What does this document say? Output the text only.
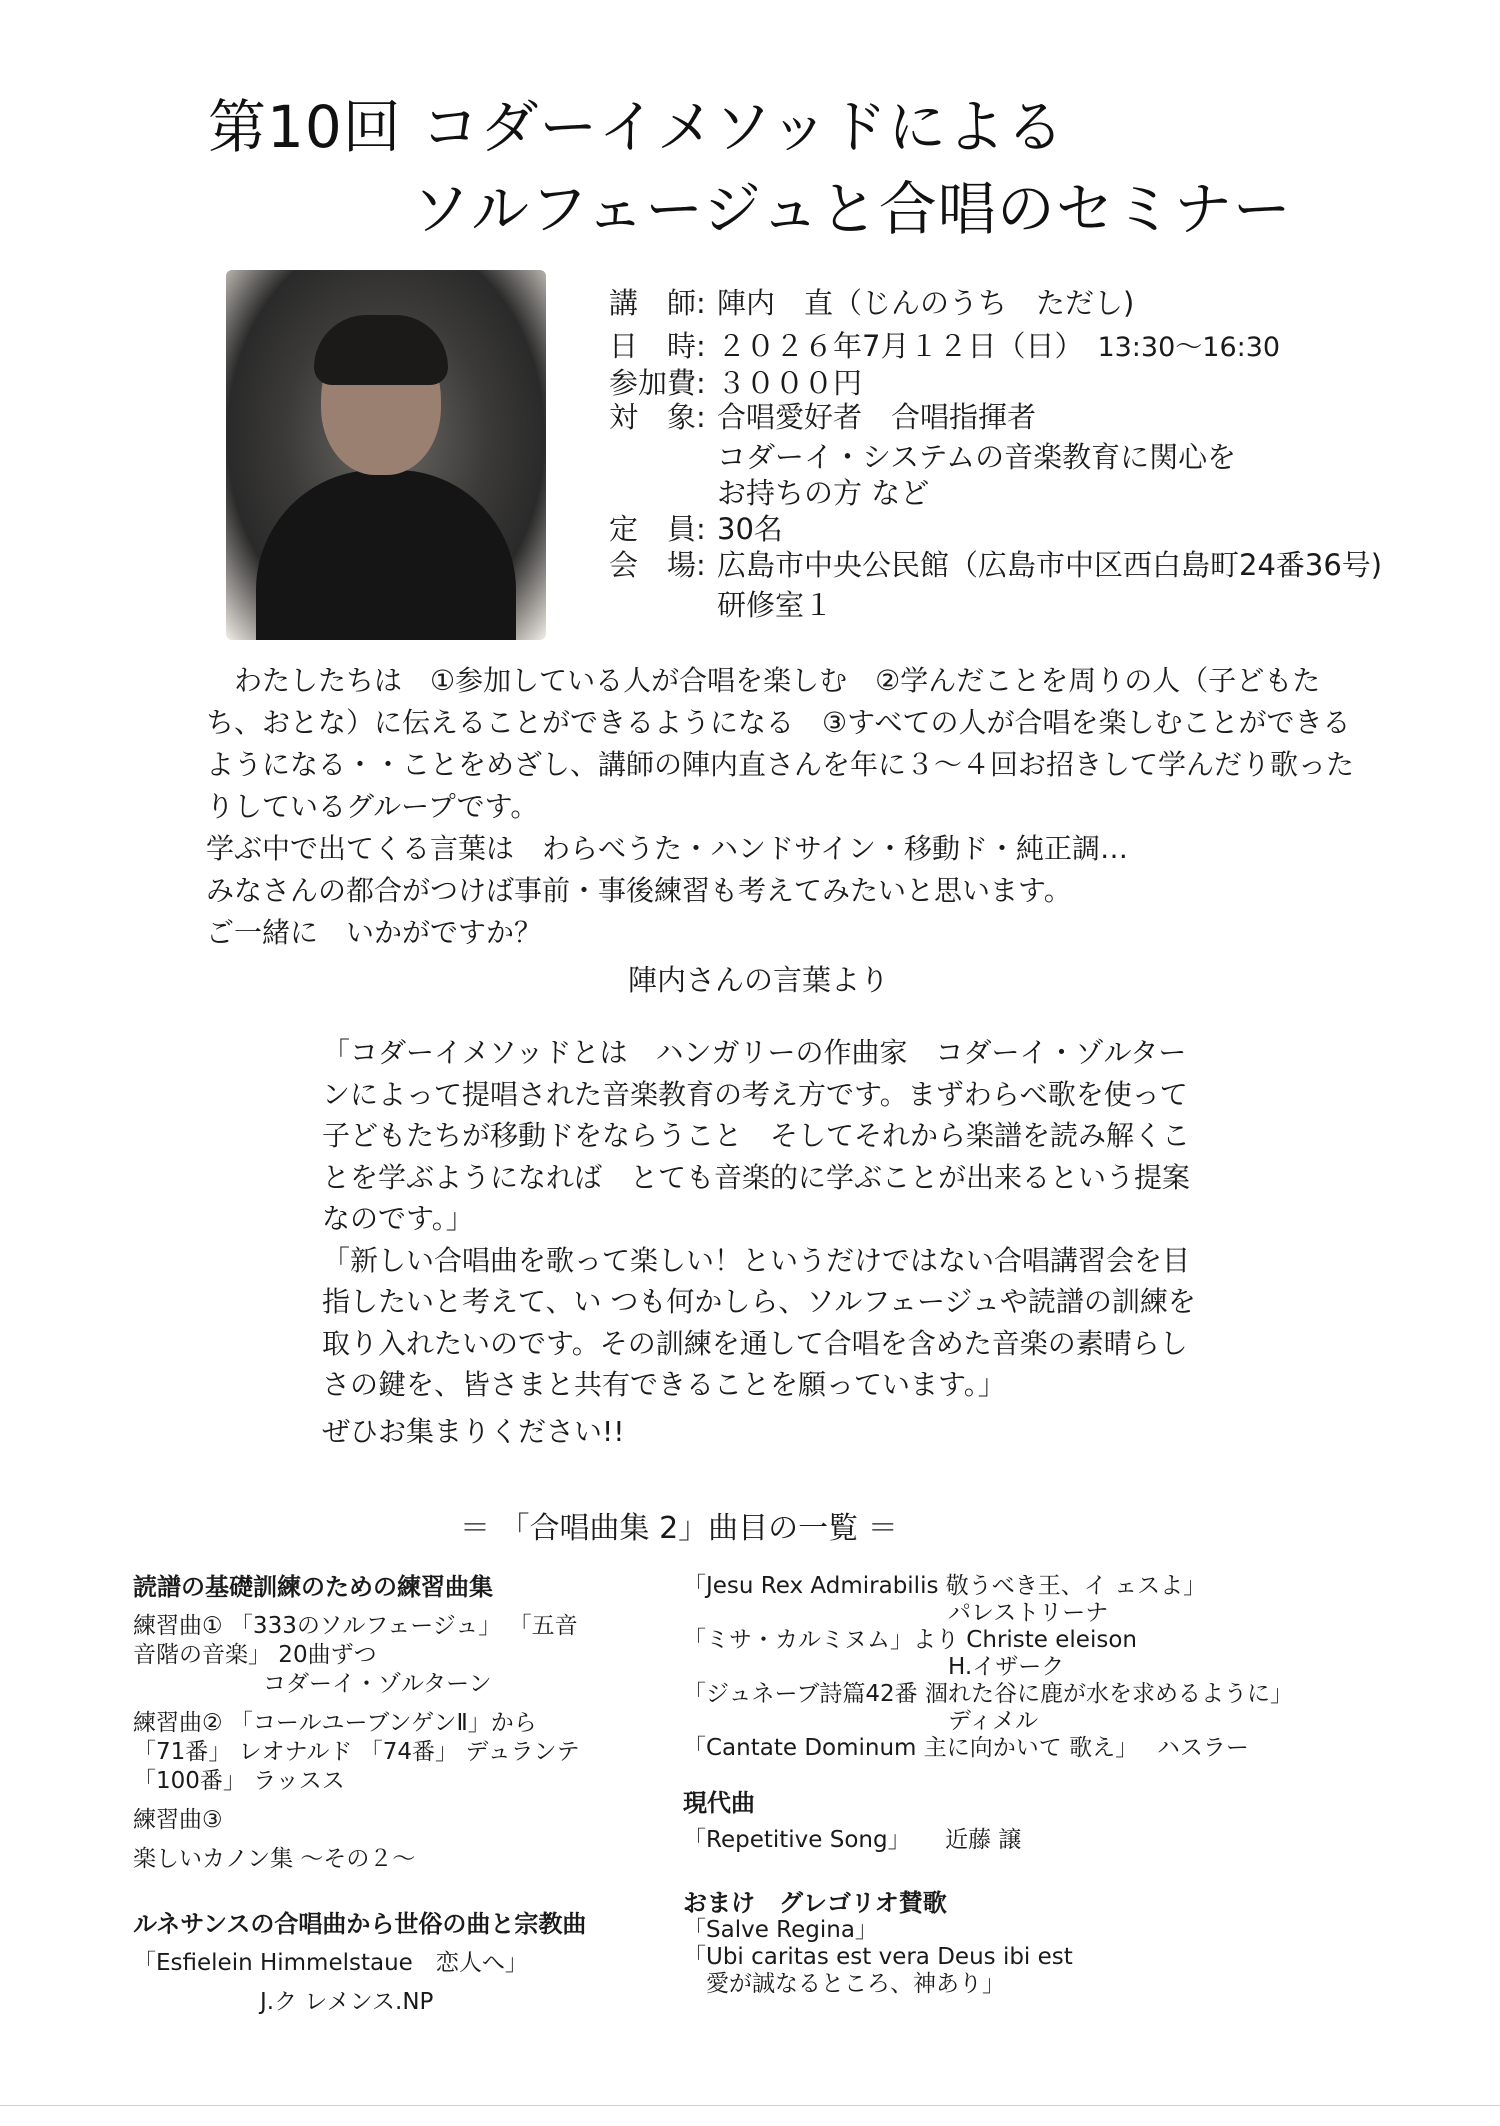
第10回 コダーイメソッドによる
ソルフェージュと合唱のセミナー
講　師: 陣内　直（じんのうち　ただし)
日　時: ２０２６年7月１２日（日） 13:30〜16:30
参加費: ３０００円
対　象: 合唱愛好者　合唱指揮者
コダーイ・システムの音楽教育に関心を
お持ちの方 など
定　員: 30名
会　場: 広島市中央公民館（広島市中区西白島町24番36号)
研修室１

　わたしたちは　①参加している人が合唱を楽しむ　②学んだことを周りの人（子どもた

ち、おとな）に伝えることができるようになる　③すべての人が合唱を楽しむことができる

ようになる・・ことをめざし、講師の陣内直さんを年に３〜４回お招きして学んだり歌った

りしているグループです。

学ぶ中で出てくる言葉は　わらべうた・ハンドサイン・移動ド・純正調…

みなさんの都合がつけば事前・事後練習も考えてみたいと思います。

ご一緒に　いかがですか？

陣内さんの言葉より

「コダーイメソッドとは　ハンガリーの作曲家　コダーイ・ゾルター

ンによって提唱された音楽教育の考え方です。まずわらべ歌を使って

子どもたちが移動ドをならうこと　そしてそれから楽譜を読み解くこ

とを学ぶようになれば　とても音楽的に学ぶことが出来るという提案

なのです。」

「新しい合唱曲を歌って楽しい！というだけではない合唱講習会を目

指したいと考えて、い つも何かしら、ソルフェージュや読譜の訓練を

取り入れたいのです。その訓練を通して合唱を含めた音楽の素晴らし

さの鍵を、皆さまと共有できることを願っています。」

ぜひお集まりください!!
＝ 「合唱曲集 2」曲目の一覧 ＝

読譜の基礎訓練のための練習曲集

練習曲① 「333のソルフェージュ」 「五音

音階の音楽」 20曲ずつ

コダーイ・ゾルターン

練習曲② 「コールユーブンゲンⅡ」から

「71番」 レオナルド 「74番」 デュランテ

「100番」 ラッスス

練習曲③

楽しいカノン集 〜その２〜

ルネサンスの合唱曲から世俗の曲と宗教曲

「Esfielein Himmelstaue　恋人へ」

J.ク レメンス.NP

「Jesu Rex Admirabilis 敬うべき王、イ ェスよ」

パレストリーナ

「ミサ・カルミヌム」より Christe eleison

H.イザーク

「ジュネーブ詩篇42番 涸れた谷に鹿が水を求めるように」

ディメル

「Cantate Dominum 主に向かいて 歌え」　 ハスラー

現代曲

「Repetitive Song」　　近藤 譲

おまけ　グレゴリオ賛歌

「Salve Regina」

「Ubi caritas est vera Deus ibi est

　愛が誠なるところ、神あり」
